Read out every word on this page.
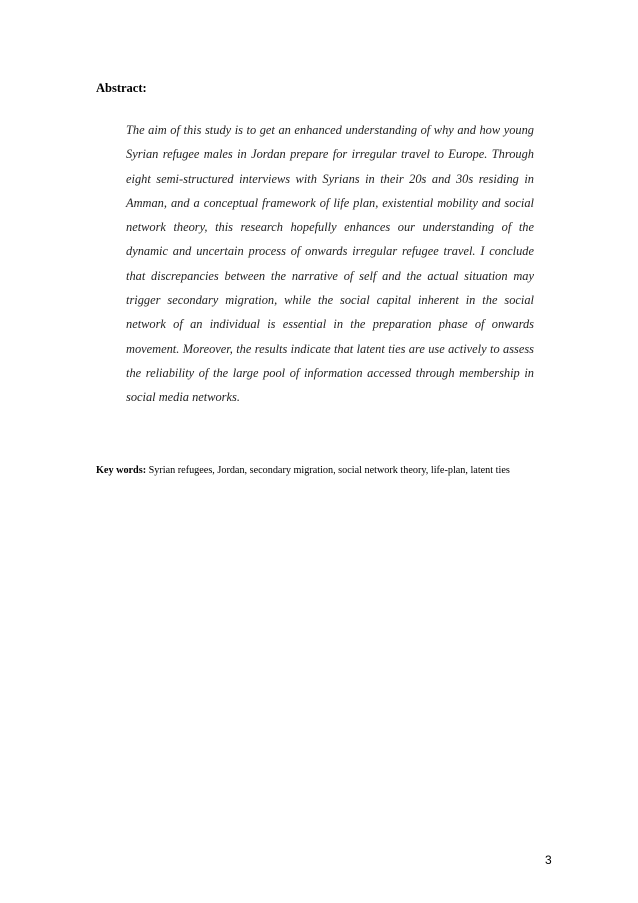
Abstract:

The aim of this study is to get an enhanced understanding of why and how young Syrian refugee males in Jordan prepare for irregular travel to Europe. Through eight semi-structured interviews with Syrians in their 20s and 30s residing in Amman, and a conceptual framework of life plan, existential mobility and social network theory, this research hopefully enhances our understanding of the dynamic and uncertain process of onwards irregular refugee travel. I conclude that discrepancies between the narrative of self and the actual situation may trigger secondary migration, while the social capital inherent in the social network of an individual is essential in the preparation phase of onwards movement. Moreover, the results indicate that latent ties are use actively to assess the reliability of the large pool of information accessed through membership in social media networks.

Key words: Syrian refugees, Jordan, secondary migration, social network theory, life-plan, latent ties

3
